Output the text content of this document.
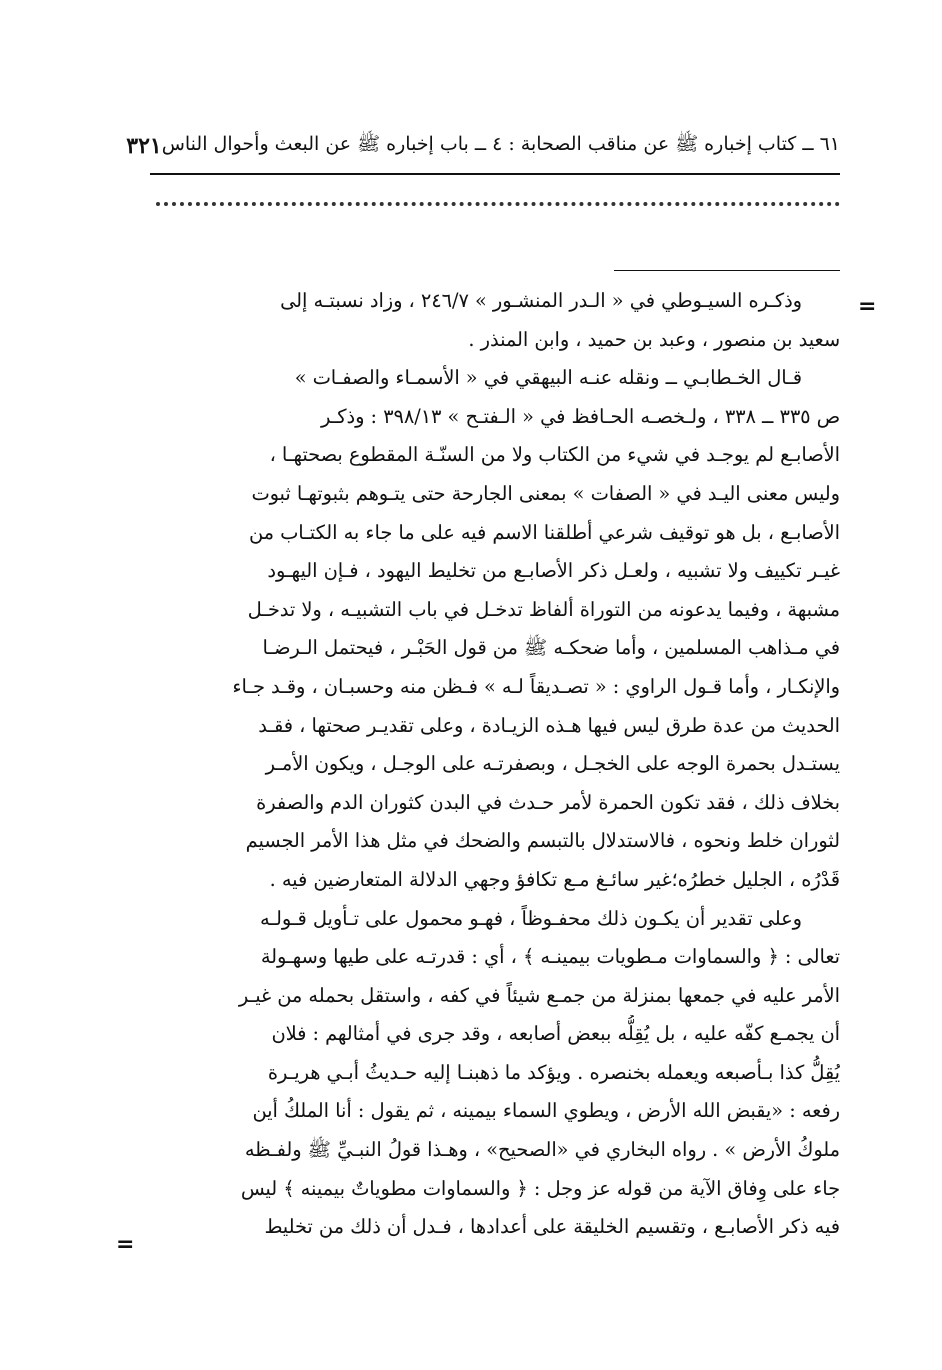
٦١ ــ كتاب إخباره ﷺ عن مناقب الصحابة : ٤ ــ باب إخباره ﷺ عن البعث وأحوال الناس
٣٢١
=
=
وذكـره السيـوطي في « الـدر المنشـور » ٢٤٦/٧ ، وزاد نسبتـه إلى
سعيد بن منصور ، وعبد بن حميد ، وابن المنذر .
قـال الخـطابـي ــ ونقله عنـه البيهقي في « الأسمـاء والصفـات »
ص ٣٣٥ ــ ٣٣٨ ، ولـخصـه الحـافظ في « الـفتـح » ٣٩٨/١٣ : وذكـر
الأصابـع لم يوجـد في شيء من الكتاب ولا من السنّـة المقطوع بصحتهـا ،
وليس معنى اليـد في « الصفات » بمعنى الجارحة حتى يتـوهم بثبوتهـا ثبوت
الأصابـع ، بل هو توقيف شرعي أطلقنا الاسم فيه على ما جاء به الكتـاب من
غيـر تكييف ولا تشبيه ، ولعـل ذكر الأصابـع من تخليط اليهود ، فـإن اليهـود
مشبهة ، وفيما يدعونه من التوراة ألفاظ تدخـل في باب التشبيـه ، ولا تدخـل
في مـذاهب المسلمين ، وأما ضحكـه ﷺ من قول الحَبْـر ، فيحتمل الـرضـا
والإنكـار ، وأما قـول الراوي : « تصـديقاً لـه » فـظن منه وحسبـان ، وقـد جـاء
الحديث من عدة طرق ليس فيها هـذه الزيـادة ، وعلى تقديـر صحتها ، فقـد
يستـدل بحمرة الوجه على الخجـل ، وبصفرتـه على الوجـل ، ويكون الأمـر
بخلاف ذلك ، فقد تكون الحمرة لأمر حـدث في البدن كثوران الدم والصفرة
لثوران خلط ونحوه ، فالاستدلال بالتبسم والضحك في مثل هذا الأمر الجسيم
قَدْرُه ، الجليل خطرُه؛غير سائـغ مـع تكافؤ وجهي الدلالة المتعارضين فيه .
وعلى تقدير أن يكـون ذلك محفـوظاً ، فهـو محمول على تـأويل قـولـه
تعالى : ﴿ والسماوات مـطويات بيمينـه ﴾ ، أي : قدرتـه على طيها وسهـولة
الأمر عليه في جمعها بمنزلة من جمـع شيئاً في كفه ، واستقل بحمله من غيـر
أن يجمـع كفّه عليه ، بل يُقِلُّه ببعض أصابعه ، وقد جرى في أمثالهم : فلان
يُقِلُّ كذا بـأصبعه ويعمله بخنصره . ويؤكد ما ذهبنـا إليه حـديثُ أبـي هريـرة
رفعه : «يقبض الله الأرض ، ويطوي السماء بيمينه ، ثم يقول : أنا الملكُ أين
ملوكُ الأرض » . رواه البخاري في «الصحيح» ، وهـذا قولُ النبـيِّ ﷺ ولفـظه
جاء على وِفاق الآية من قوله عز وجل : ﴿ والسماوات مطوياتٌ بيمينه ﴾ ليس
فيه ذكر الأصابـع ، وتقسيم الخليقة على أعدادها ، فـدل أن ذلك من تخليط
